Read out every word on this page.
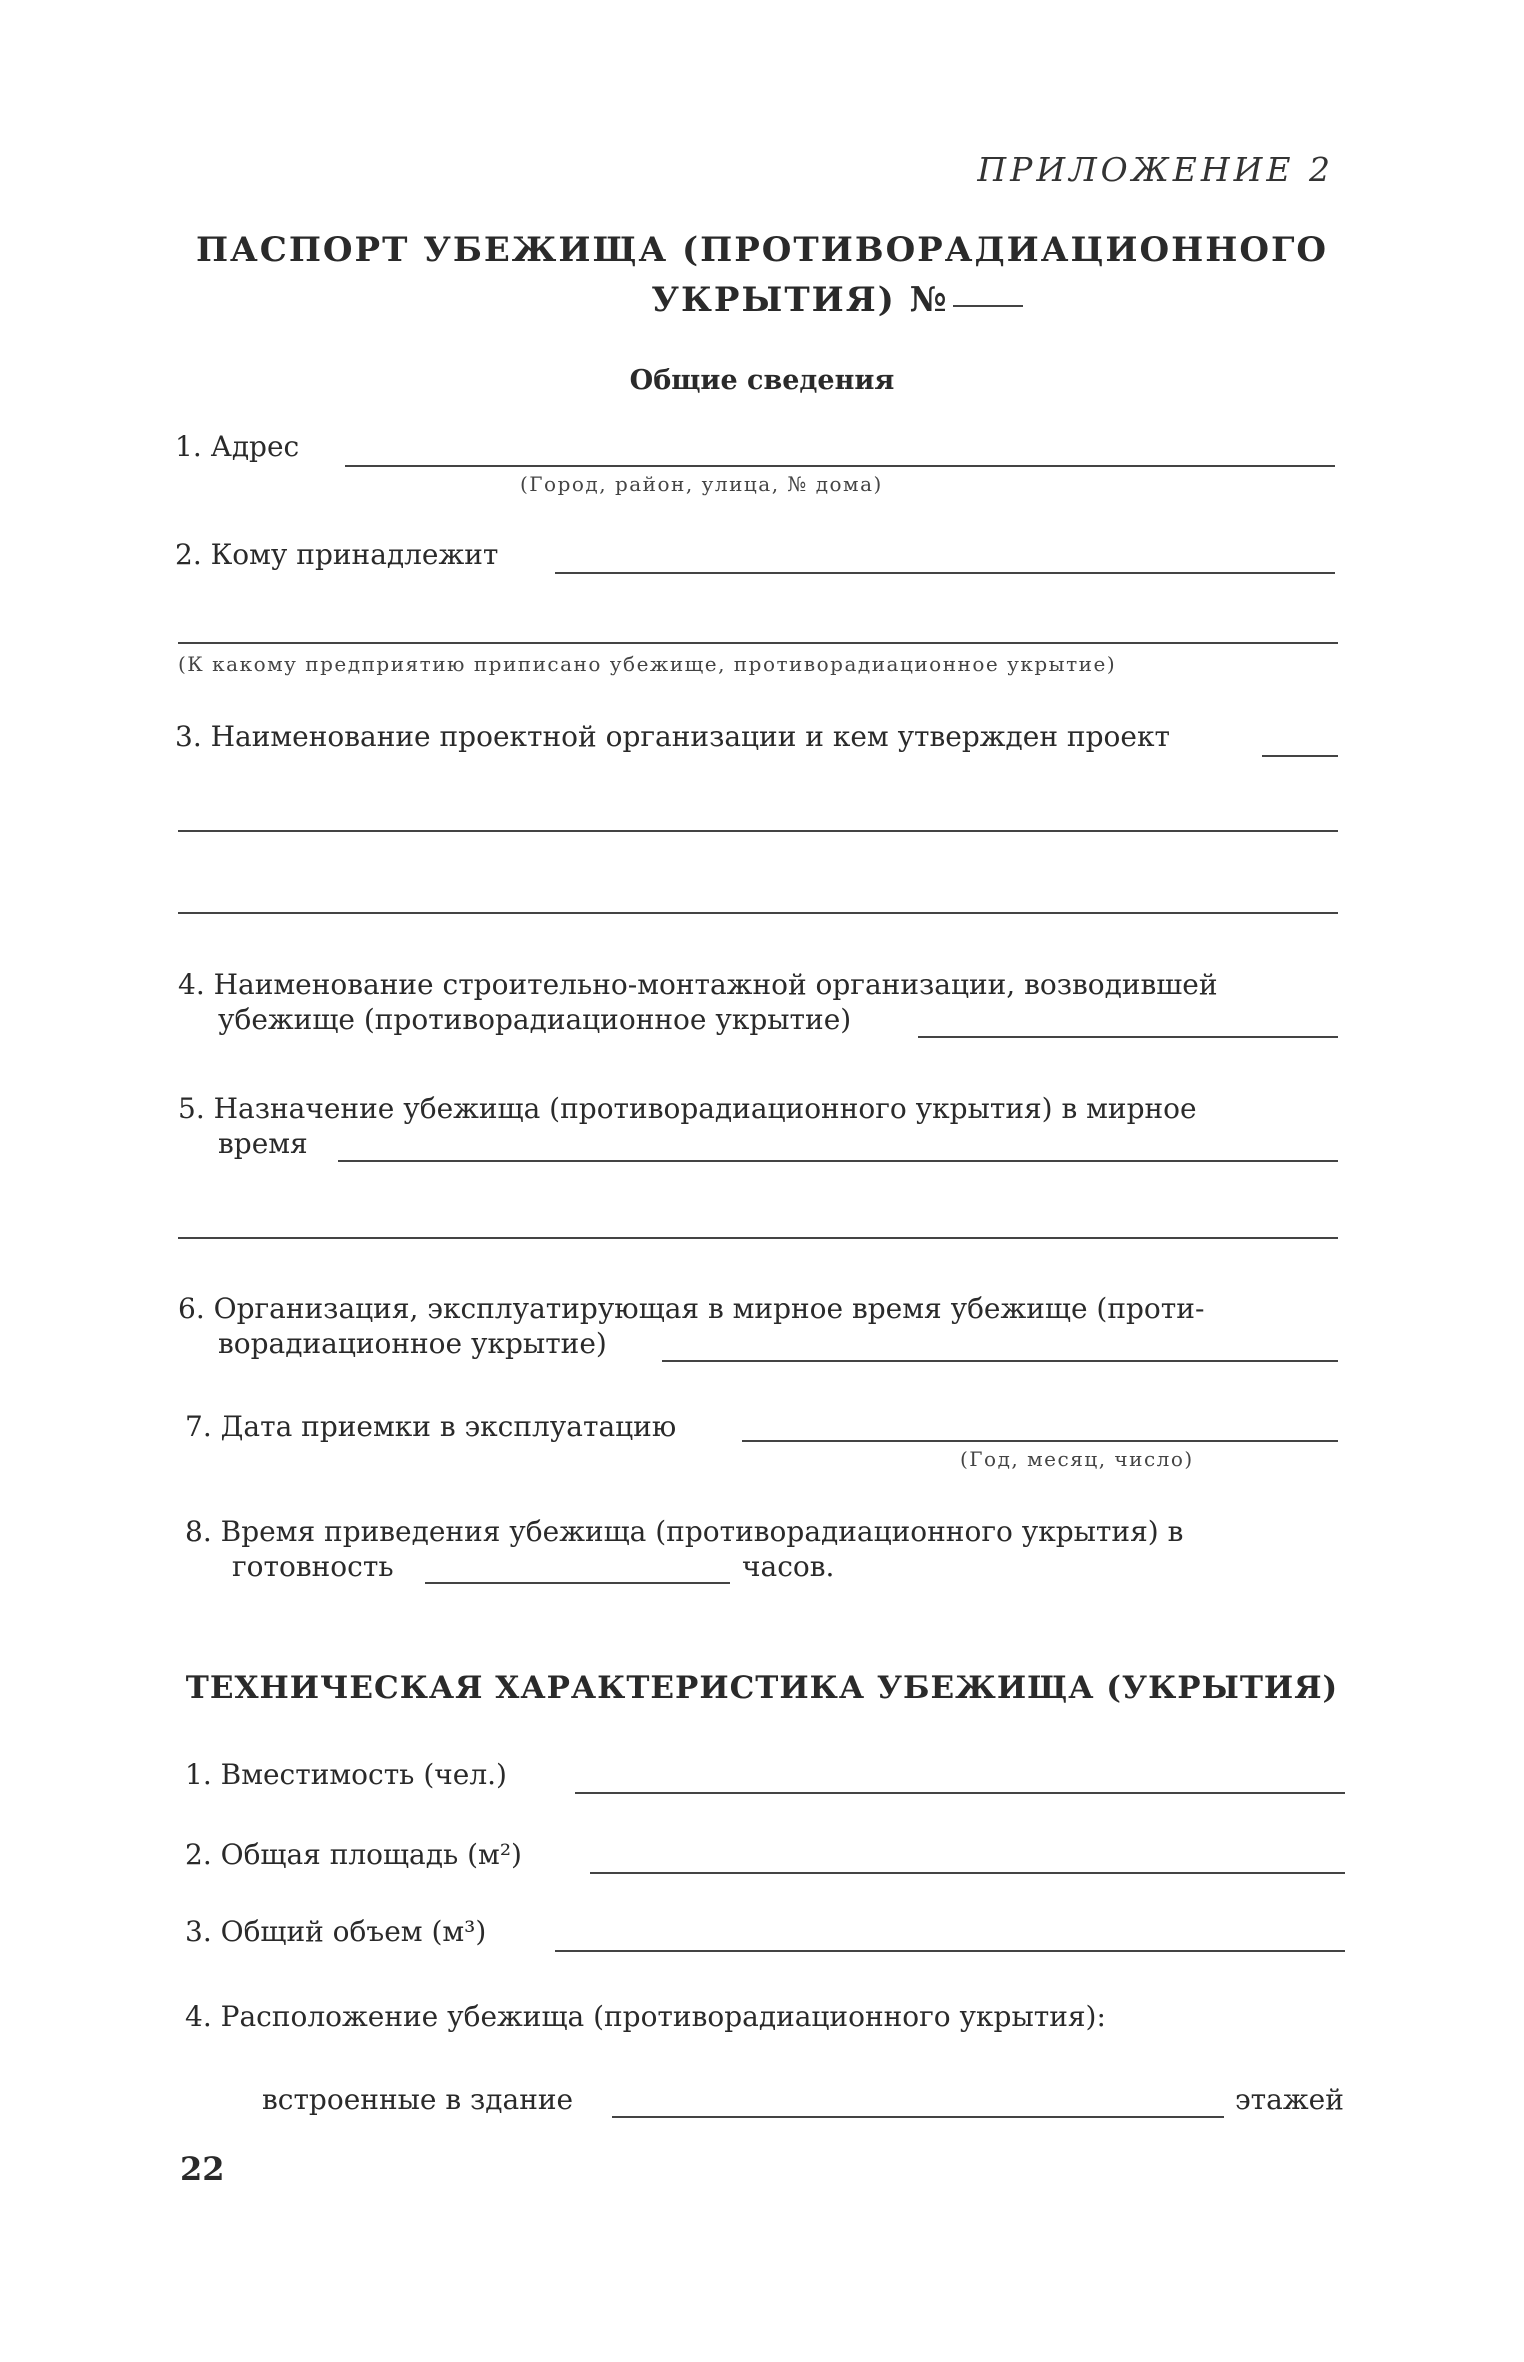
ПРИЛОЖЕНИЕ 2
ПАСПОРТ УБЕЖИЩА (ПРОТИВОРАДИАЦИОННОГО
УКРЫТИЯ) №
Общие сведения
1. Адрес
(Город, район, улица, № дома)
2. Кому принадлежит
(К какому предприятию приписано убежище, противорадиационное укрытие)
3. Наименование проектной организации и кем утвержден проект
4. Наименование строительно-монтажной организации, возводившей
убежище (противорадиационное укрытие)
5. Назначение убежища (противорадиационного укрытия) в мирное
время
6. Организация, эксплуатирующая в мирное время убежище (проти-
ворадиационное укрытие)
7. Дата приемки в эксплуатацию
(Год, месяц, число)
8. Время приведения убежища (противорадиационного укрытия) в
готовность	часов.
ТЕХНИЧЕСКАЯ ХАРАКТЕРИСТИКА УБЕЖИЩА (УКРЫТИЯ)
1. Вместимость (чел.)
2. Общая площадь (м²)
3. Общий объем (м³)
4. Расположение убежища (противорадиационного укрытия):
встроенные в здание	этажей
22
